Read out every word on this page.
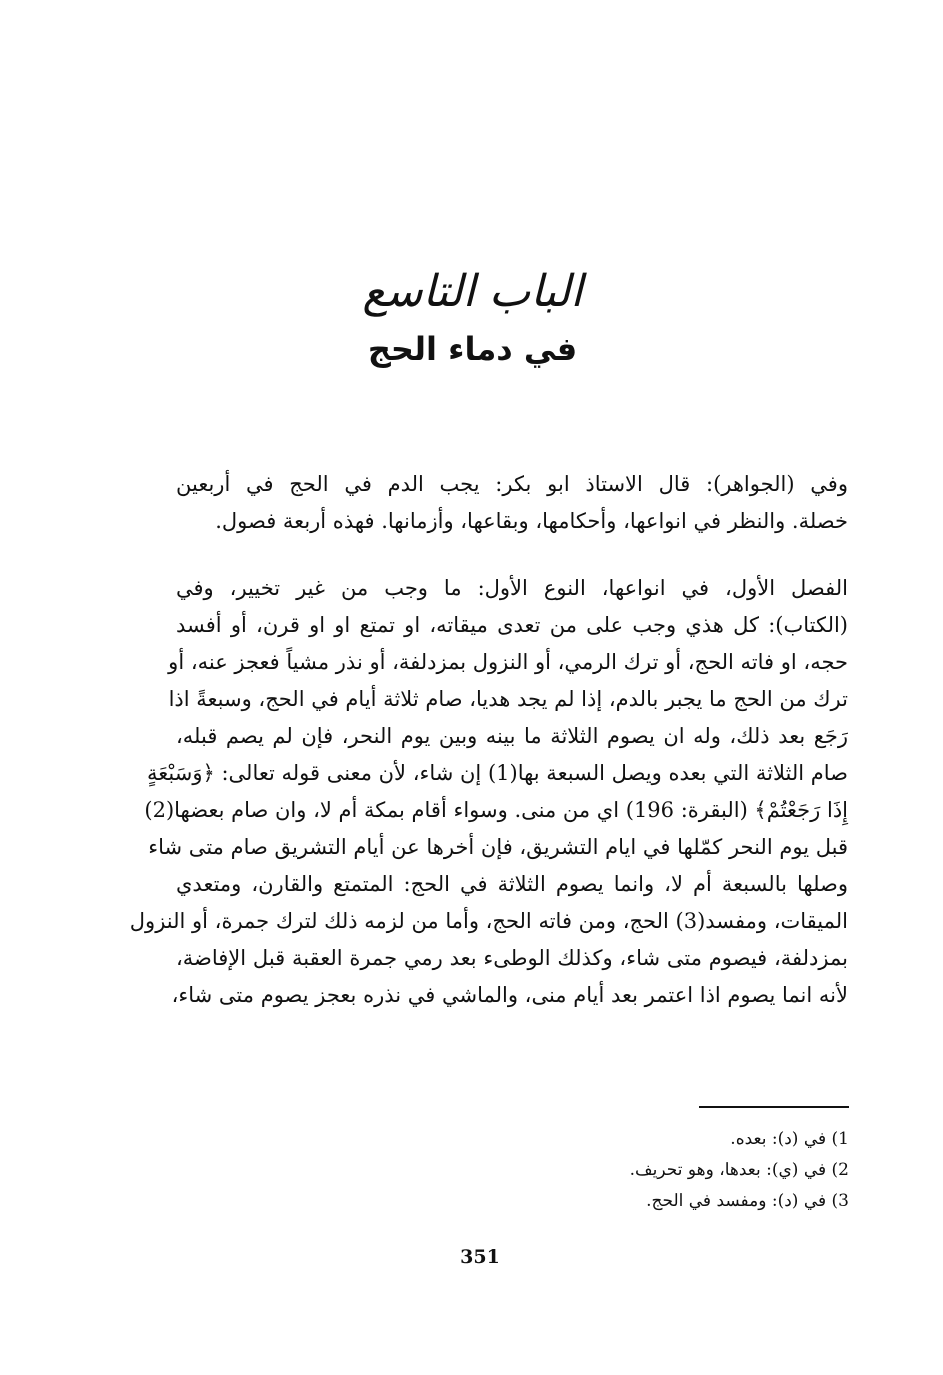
الباب التاسع
في دماء الحج
وفي (الجواهر): قال الاستاذ ابو بكر: يجب الدم في الحج في أربعين
خصلة. والنظر في انواعها، وأحكامها، وبقاعها، وأزمانها. فهذه أربعة فصول.
الفصل الأول، في انواعها، النوع الأول: ما وجب من غير تخيير، وفي
(الكتاب): كل هذي وجب على من تعدى ميقاته، او تمتع او او قرن، أو أفسد
حجه، او فاته الحج، أو ترك الرمي، أو النزول بمزدلفة، أو نذر مشياً فعجز عنه، أو
ترك من الحج ما يجبر بالدم، إذا لم يجد هديا، صام ثلاثة أيام في الحج، وسبعةً اذا
رَجَع بعد ذلك، وله ان يصوم الثلاثة ما بينه وبين يوم النحر، فإن لم يصم قبله،
صام الثلاثة التي بعده ويصل السبعة بها(1) إن شاء، لأن معنى قوله تعالى: ﴿وَسَبْعَةٍ
إِذَا رَجَعْتُمْ﴾ (البقرة: 196) اي من منى. وسواء أقام بمكة أم لا، وان صام بعضها(2)
قبل يوم النحر كمّلها في ايام التشريق، فإن أخرها عن أيام التشريق صام متى شاء
وصلها بالسبعة أم لا، وانما يصوم الثلاثة في الحج: المتمتع والقارن، ومتعدي
الميقات، ومفسد(3) الحج، ومن فاته الحج، وأما من لزمه ذلك لترك جمرة، أو النزول
بمزدلفة، فيصوم متى شاء، وكذلك الوطىء بعد رمي جمرة العقبة قبل الإفاضة،
لأنه انما يصوم اذا اعتمر بعد أيام منى، والماشي في نذره بعجز يصوم متى شاء،
1) في (د): بعده.
2) في (ي): بعدها، وهو تحريف.
3) في (د): ومفسد في الحج.
351
